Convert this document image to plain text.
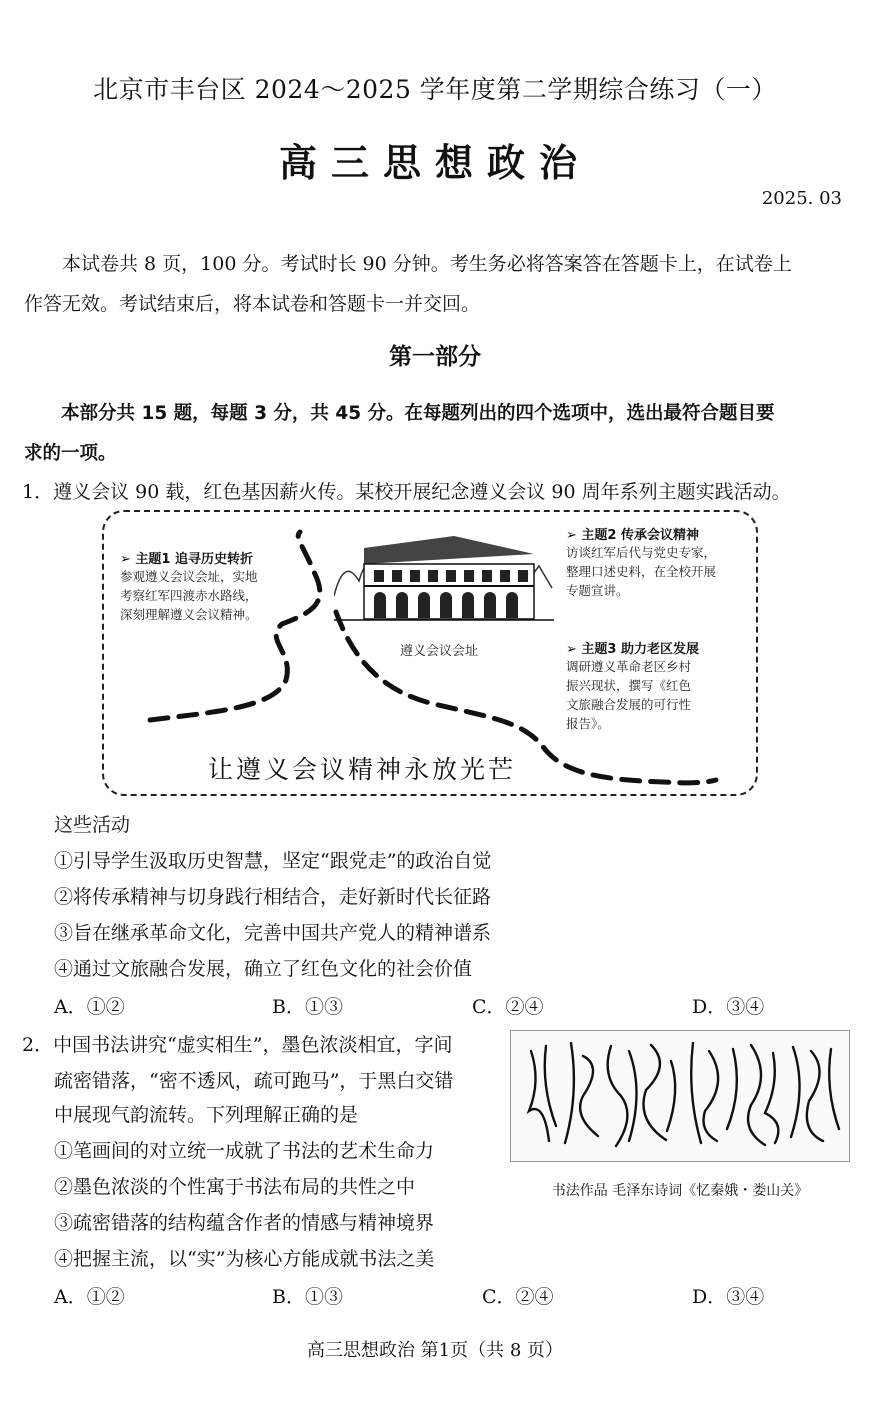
北京市丰台区 2024～2025 学年度第二学期综合练习（一）
高三思想政治
2025. 03
本试卷共 8 页，100 分。考试时长 90 分钟。考生务必将答案答在答题卡上，在试卷上
作答无效。考试结束后，将本试卷和答题卡一并交回。
第一部分
本部分共 15 题，每题 3 分，共 45 分。在每题列出的四个选项中，选出最符合题目要
求的一项。
1．遵义会议 90 载，红色基因薪火传。某校开展纪念遵义会议 90 周年系列主题实践活动。
➢ 主题1 追寻历史转折
参观遵义会议会址，实地
考察红军四渡赤水路线，
深刻理解遵义会议精神。
遵义会议会址
➢ 主题2 传承会议精神
访谈红军后代与党史专家，
整理口述史料，在全校开展
专题宣讲。
➢ 主题3 助力老区发展
调研遵义革命老区乡村
振兴现状，撰写《红色
文旅融合发展的可行性
报告》。
让遵义会议精神永放光芒
这些活动
①引导学生汲取历史智慧，坚定“跟党走”的政治自觉
②将传承精神与切身践行相结合，走好新时代长征路
③旨在继承革命文化，完善中国共产党人的精神谱系
④通过文旅融合发展，确立了红色文化的社会价值
A．①②	B．①③	C．②④	D．③④
2．中国书法讲究“虚实相生”，墨色浓淡相宜，字间
疏密错落，“密不透风，疏可跑马”，于黑白交错
中展现气韵流转。下列理解正确的是
①笔画间的对立统一成就了书法的艺术生命力
②墨色浓淡的个性寓于书法布局的共性之中
③疏密错落的结构蕴含作者的情感与精神境界
④把握主流，以“实”为核心方能成就书法之美
书法作品 毛泽东诗词《忆秦娥・娄山关》
A．①②	B．①③	C．②④	D．③④
高三思想政治 第1页（共 8 页）
